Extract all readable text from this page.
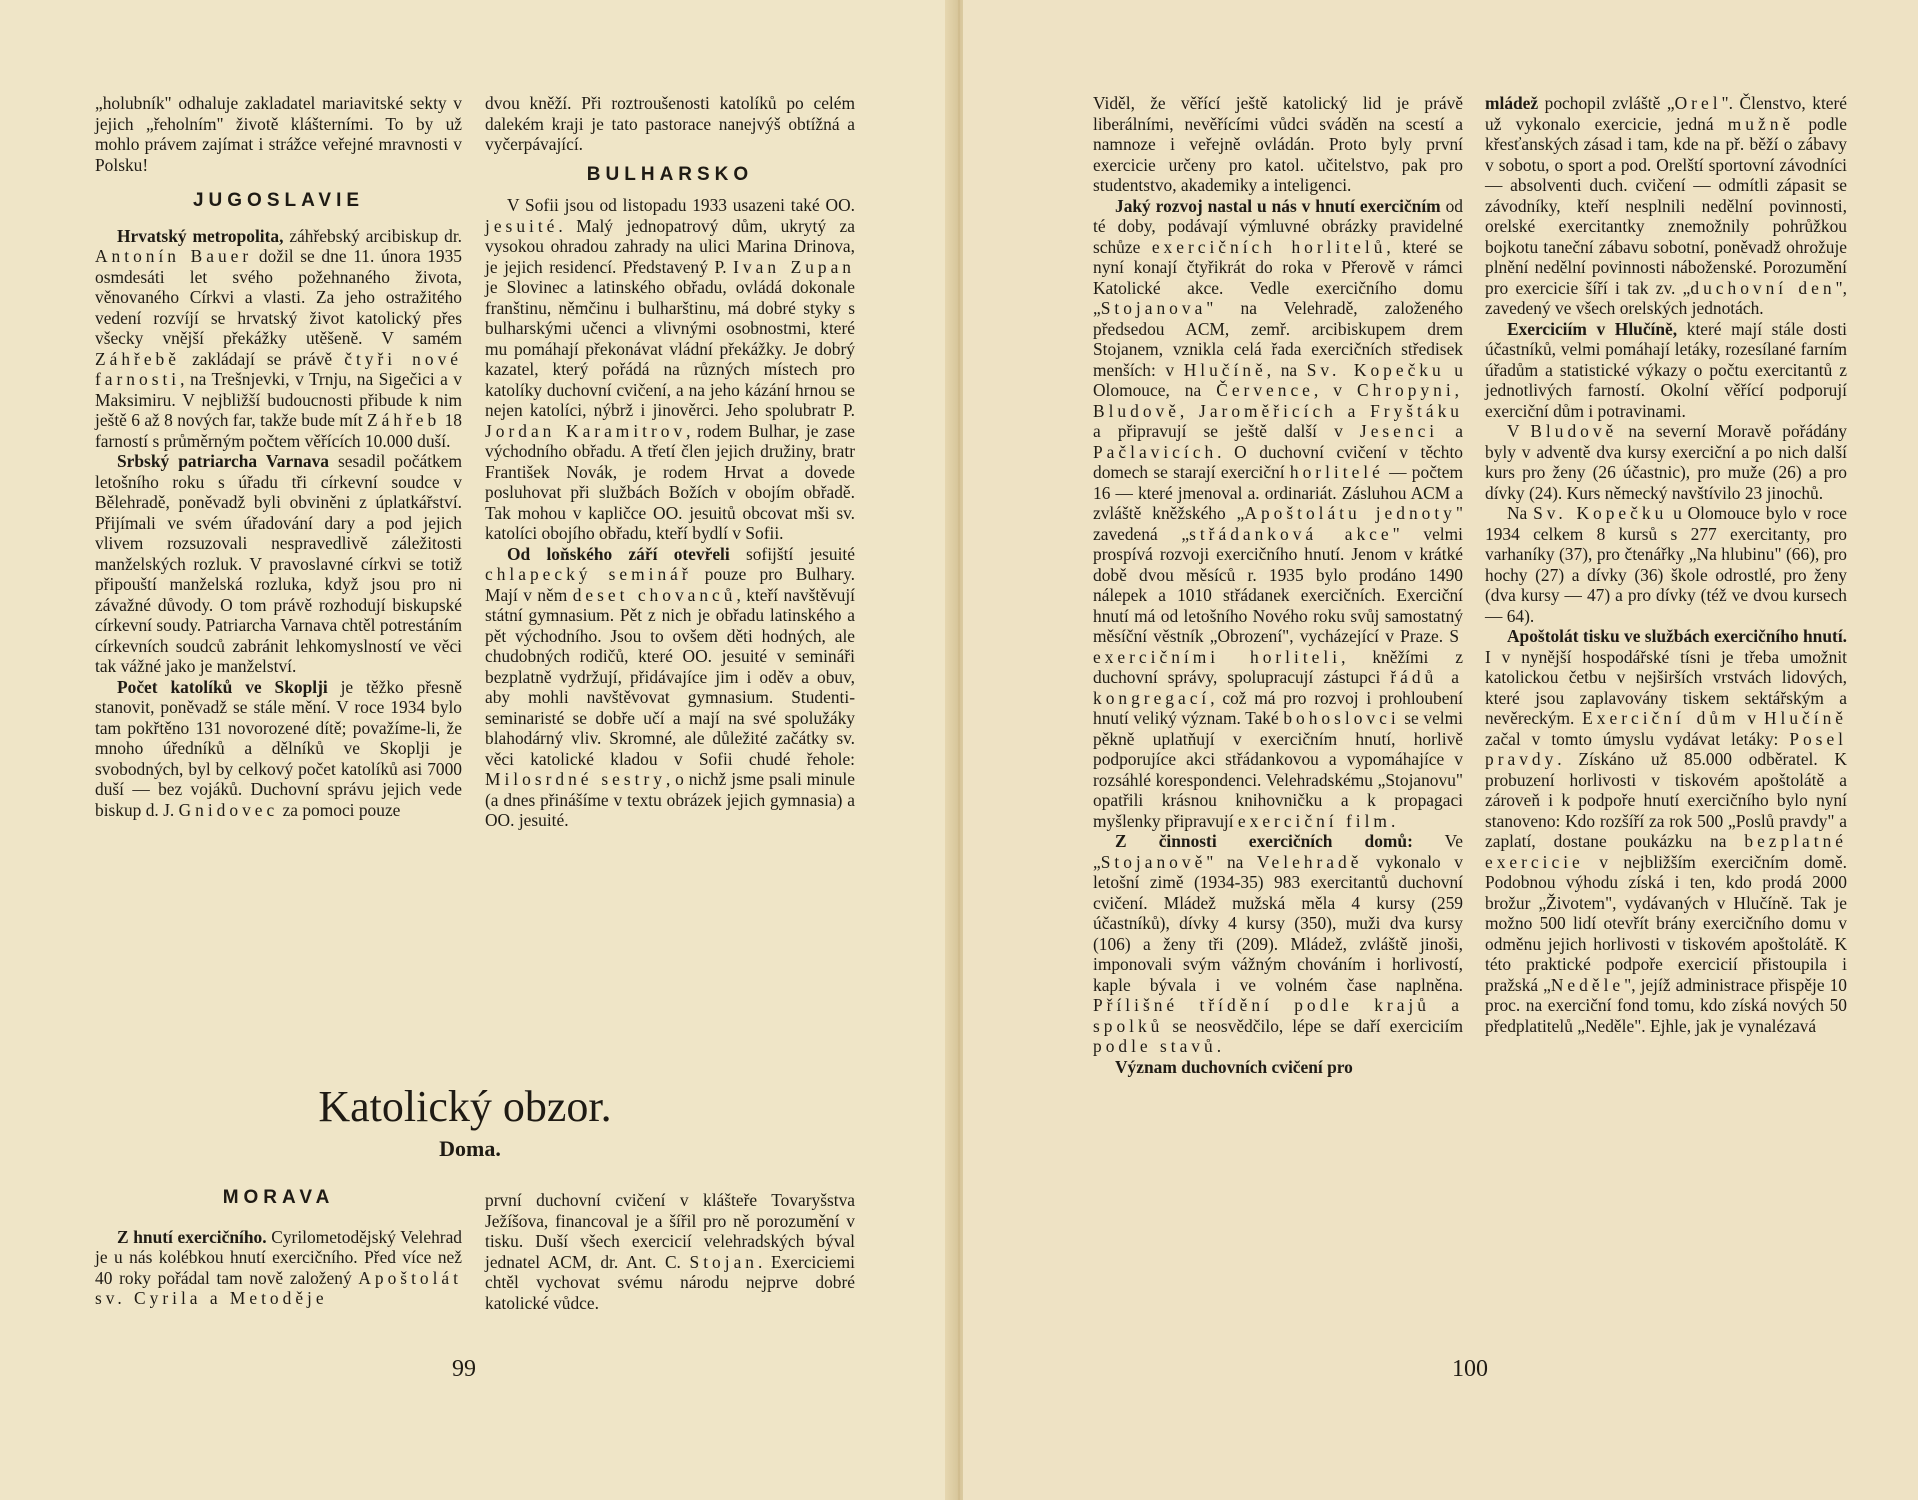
„holubník" odhaluje zakladatel mariavitské sekty v jejich „řeholním" životě klášterními. To by už mohlo právem zajímat i strážce veřejné mravnosti v Polsku!

JUGOSLAVIE

Hrvatský metropolita, záhřebský arcibiskup dr. Antonín Bauer dožil se dne 11. února 1935 osmdesáti let svého požehnaného života, věnovaného Církvi a vlasti. Za jeho ostražitého vedení rozvíjí se hrvatský život katolický přes všecky vnější překážky utěšeně. V samém Záhřebě zakládají se právě čtyři nové farnosti, na Trešnjevki, v Trnju, na Sigečici a v Maksimiru. V nejbližší budoucnosti přibude k nim ještě 6 až 8 nových far, takže bude mít Záhřeb 18 farností s průměrným počtem věřících 10.000 duší.

Srbský patriarcha Varnava sesadil počátkem letošního roku s úřadu tři církevní soudce v Bělehradě, poněvadž byli obviněni z úplatkářství. Přijímali ve svém úřadování dary a pod jejich vlivem rozsuzovali nespravedlivě záležitosti manželských rozluk. V pravoslavné církvi se totiž připouští manželská rozluka, když jsou pro ni závažné důvody. O tom právě rozhodují biskupské církevní soudy. Patriarcha Varnava chtěl potrestáním církevních soudců zabránit lehkomyslností ve věci tak vážné jako je manželství.

Počet katolíků ve Skoplji je těžko přesně stanovit, poněvadž se stále mění. V roce 1934 bylo tam pokřtěno 131 novorozené dítě; považíme-li, že mnoho úředníků a dělníků ve Skoplji je svobodných, byl by celkový počet katolíků asi 7000 duší — bez vojáků. Duchovní správu jejich vede biskup d. J. Gnidovec za pomoci pouze

dvou kněží. Při roztroušenosti katolíků po celém dalekém kraji je tato pastorace nanejvýš obtížná a vyčerpávající.

BULHARSKO

V Sofii jsou od listopadu 1933 usazeni také OO. jesuité. Malý jednopatrový dům, ukrytý za vysokou ohradou zahrady na ulici Marina Drinova, je jejich residencí. Představený P. Ivan Zupan je Slovinec a latinského obřadu, ovládá dokonale franštinu, němčinu i bulharštinu, má dobré styky s bulharskými učenci a vlivnými osobnostmi, které mu pomáhají překonávat vládní překážky. Je dobrý kazatel, který pořádá na různých místech pro katolíky duchovní cvičení, a na jeho kázání hrnou se nejen katolíci, nýbrž i jinověrci. Jeho spolubratr P. Jordan Karamitrov, rodem Bulhar, je zase východního obřadu. A třetí člen jejich družiny, bratr František Novák, je rodem Hrvat a dovede posluhovat při službách Božích v obojím obřadě. Tak mohou v kapličce OO. jesuitů obcovat mši sv. katolíci obojího obřadu, kteří bydlí v Sofii.

Od loňského září otevřeli sofijští jesuité chlapecký seminář pouze pro Bulhary. Mají v něm deset chovanců, kteří navštěvují státní gymnasium. Pět z nich je obřadu latinského a pět východního. Jsou to ovšem děti hodných, ale chudobných rodičů, které OO. jesuité v semináři bezplatně vydržují, přidávajíce jim i oděv a obuv, aby mohli navštěvovat gymnasium. Studenti-seminaristé se dobře učí a mají na své spolužáky blahodárný vliv. Skromné, ale důležité začátky sv. věci katolické kladou v Sofii chudé řehole: Milosrdné sestry, o nichž jsme psali minule (a dnes přinášíme v textu obrázek jejich gymnasia) a OO. jesuité.

Katolický obzor.
Doma.
MORAVA

Z hnutí exercičního. Cyrilometodějský Velehrad je u nás kolébkou hnutí exercičního. Před více než 40 roky pořádal tam nově založený Apoštolát sv. Cyrila a Metoděje

první duchovní cvičení v klášteře Tovaryšstva Ježíšova, financoval je a šířil pro ně porozumění v tisku. Duší všech exercicií velehradských býval jednatel ACM, dr. Ant. C. Stojan. Exerciciemi chtěl vychovat svému národu nejprve dobré katolické vůdce.

99

Viděl, že věřící ještě katolický lid je právě liberálními, nevěřícími vůdci sváděn na scestí a namnoze i veřejně ovládán. Proto byly první exercicie určeny pro katol. učitelstvo, pak pro studentstvo, akademiky a inteligenci.

Jaký rozvoj nastal u nás v hnutí exercičním od té doby, podávají výmluvné obrázky pravidelné schůze exercičních horlitelů, které se nyní konají čtyřikrát do roka v Přerově v rámci Katolické akce. Vedle exercičního domu „Stojanova" na Velehradě, založeného předsedou ACM, zemř. arcibiskupem drem Stojanem, vznikla celá řada exercičních středisek menších: v Hlučíně, na Sv. Kopečku u Olomouce, na Července, v Chropyni, Bludově, Jaroměřicích a Fryštáku a připravují se ještě další v Jesenci a Pačlavicích. O duchovní cvičení v těchto domech se starají exerciční horlitelé — počtem 16 — které jmenoval a. ordinariát. Zásluhou ACM a zvláště kněžského „Apoštolátu jednoty" zavedená „střádanková akce" velmi prospívá rozvoji exercičního hnutí. Jenom v krátké době dvou měsíců r. 1935 bylo prodáno 1490 nálepek a 1010 střádanek exercičních. Exerciční hnutí má od letošního Nového roku svůj samostatný měsíční věstník „Obrození", vycházející v Praze. S exercičními horliteli, kněžími z duchovní správy, spolupracují zástupci řádů a kongregací, což má pro rozvoj i prohloubení hnutí veliký význam. Také bohoslovci se velmi pěkně uplatňují v exercičním hnutí, horlivě podporujíce akci střádankovou a vypomáhajíce v rozsáhlé korespondenci. Velehradskému „Stojanovu" opatřili krásnou knihovničku a k propagaci myšlenky připravují exerciční film.

Z činnosti exercičních domů: Ve „Stojanově" na Velehradě vykonalo v letošní zimě (1934-35) 983 exercitantů duchovní cvičení. Mládež mužská měla 4 kursy (259 účastníků), dívky 4 kursy (350), muži dva kursy (106) a ženy tři (209). Mládež, zvláště jinoši, imponovali svým vážným chováním i horlivostí, kaple bývala i ve volném čase naplněna. Přílišné třídění podle krajů a spolků se neosvědčilo, lépe se daří exerciciím podle stavů.

Význam duchovních cvičení pro

mládež pochopil zvláště „Orel". Členstvo, které už vykonalo exercicie, jedná mužně podle křesťanských zásad i tam, kde na př. běží o zábavy v sobotu, o sport a pod. Orelští sportovní závodníci — absolventi duch. cvičení — odmítli zápasit se závodníky, kteří nesplnili nedělní povinnosti, orelské exercitantky znemožnily pohrůžkou bojkotu taneční zábavu sobotní, poněvadž ohrožuje plnění nedělní povinnosti náboženské. Porozumění pro exercicie šíří i tak zv. „duchovní den", zavedený ve všech orelských jednotách.

Exerciciím v Hlučíně, které mají stále dosti účastníků, velmi pomáhají letáky, rozesílané farním úřadům a statistické výkazy o počtu exercitantů z jednotlivých farností. Okolní věřící podporují exerciční dům i potravinami.

V Bludově na severní Moravě pořádány byly v adventě dva kursy exerciční a po nich další kurs pro ženy (26 účastnic), pro muže (26) a pro dívky (24). Kurs německý navštívilo 23 jinochů.

Na Sv. Kopečku u Olomouce bylo v roce 1934 celkem 8 kursů s 277 exercitanty, pro varhaníky (37), pro čtenářky „Na hlubinu" (66), pro hochy (27) a dívky (36) škole odrostlé, pro ženy (dva kursy — 47) a pro dívky (též ve dvou kursech — 64).

Apoštolát tisku ve službách exercičního hnutí. I v nynější hospodářské tísni je třeba umožnit katolickou četbu v nejširších vrstvách lidových, které jsou zaplavovány tiskem sektářským a nevěreckým. Exerciční dům v Hlučíně začal v tomto úmyslu vydávat letáky: Posel pravdy. Získáno už 85.000 odběratel. K probuzení horlivosti v tiskovém apoštolátě a zároveň i k podpoře hnutí exercičního bylo nyní stanoveno: Kdo rozšíří za rok 500 „Poslů pravdy" a zaplatí, dostane poukázku na bezplatné exercicie v nejbližším exercičním domě. Podobnou výhodu získá i ten, kdo prodá 2000 brožur „Životem", vydávaných v Hlučíně. Tak je možno 500 lidí otevřít brány exercičního domu v odměnu jejich horlivosti v tiskovém apoštolátě. K této praktické podpoře exercicií přistoupila i pražská „Neděle", jejíž administrace přispěje 10 proc. na exerciční fond tomu, kdo získá nových 50 předplatitelů „Neděle". Ejhle, jak je vynalézavá

100
